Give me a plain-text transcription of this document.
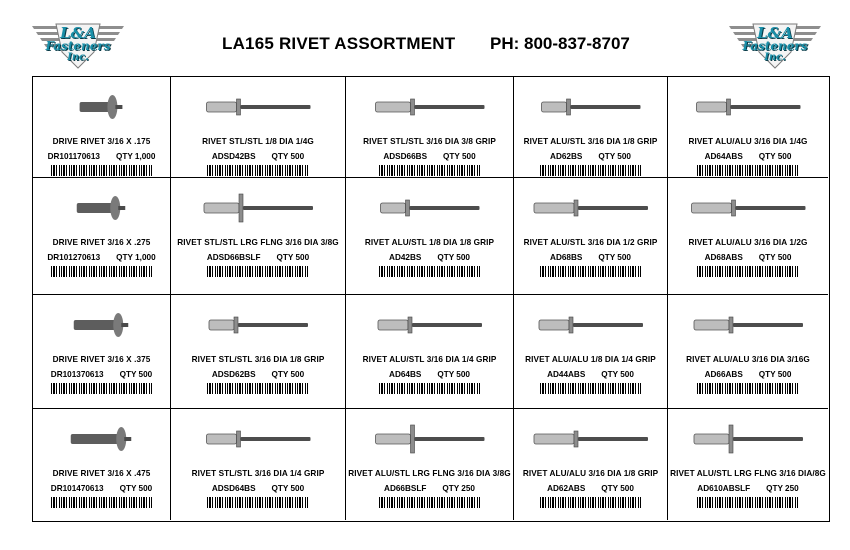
L&A
Fasteners
Inc.
LA165 RIVET ASSORTMENT PH: 800-837-8707
L&A
Fasteners
Inc.
DRIVE RIVET 3/16 X .175
DR101170613 QTY 1,000
RIVET STL/STL 1/8 DIA 1/4G
ADSD42BS QTY 500
RIVET STL/STL 3/16 DIA 3/8 GRIP
ADSD66BS QTY 500
RIVET ALU/STL 3/16 DIA 1/8 GRIP
AD62BS QTY 500
RIVET ALU/ALU 3/16 DIA 1/4G
AD64ABS QTY 500
DRIVE RIVET 3/16 X .275
DR101270613 QTY 1,000
RIVET STL/STL LRG FLNG 3/16 DIA 3/8G
ADSD66BSLF QTY 500
RIVET ALU/STL 1/8 DIA 1/8 GRIP
AD42BS QTY 500
RIVET ALU/STL 3/16 DIA 1/2 GRIP
AD68BS QTY 500
RIVET ALU/ALU 3/16 DIA 1/2G
AD68ABS QTY 500
DRIVE RIVET 3/16 X .375
DR101370613 QTY 500
RIVET STL/STL 3/16 DIA 1/8 GRIP
ADSD62BS QTY 500
RIVET ALU/STL 3/16 DIA 1/4 GRIP
AD64BS QTY 500
RIVET ALU/ALU 1/8 DIA 1/4 GRIP
AD44ABS QTY 500
RIVET ALU/ALU 3/16 DIA 3/16G
AD66ABS QTY 500
DRIVE RIVET 3/16 X .475
DR101470613 QTY 500
RIVET STL/STL 3/16 DIA 1/4 GRIP
ADSD64BS QTY 500
RIVET ALU/STL LRG FLNG 3/16 DIA 3/8G
AD66BSLF QTY 250
RIVET ALU/ALU 3/16 DIA 1/8 GRIP
AD62ABS QTY 500
RIVET ALU/STL LRG FLNG 3/16 DIA/8G
AD610ABSLF QTY 250
